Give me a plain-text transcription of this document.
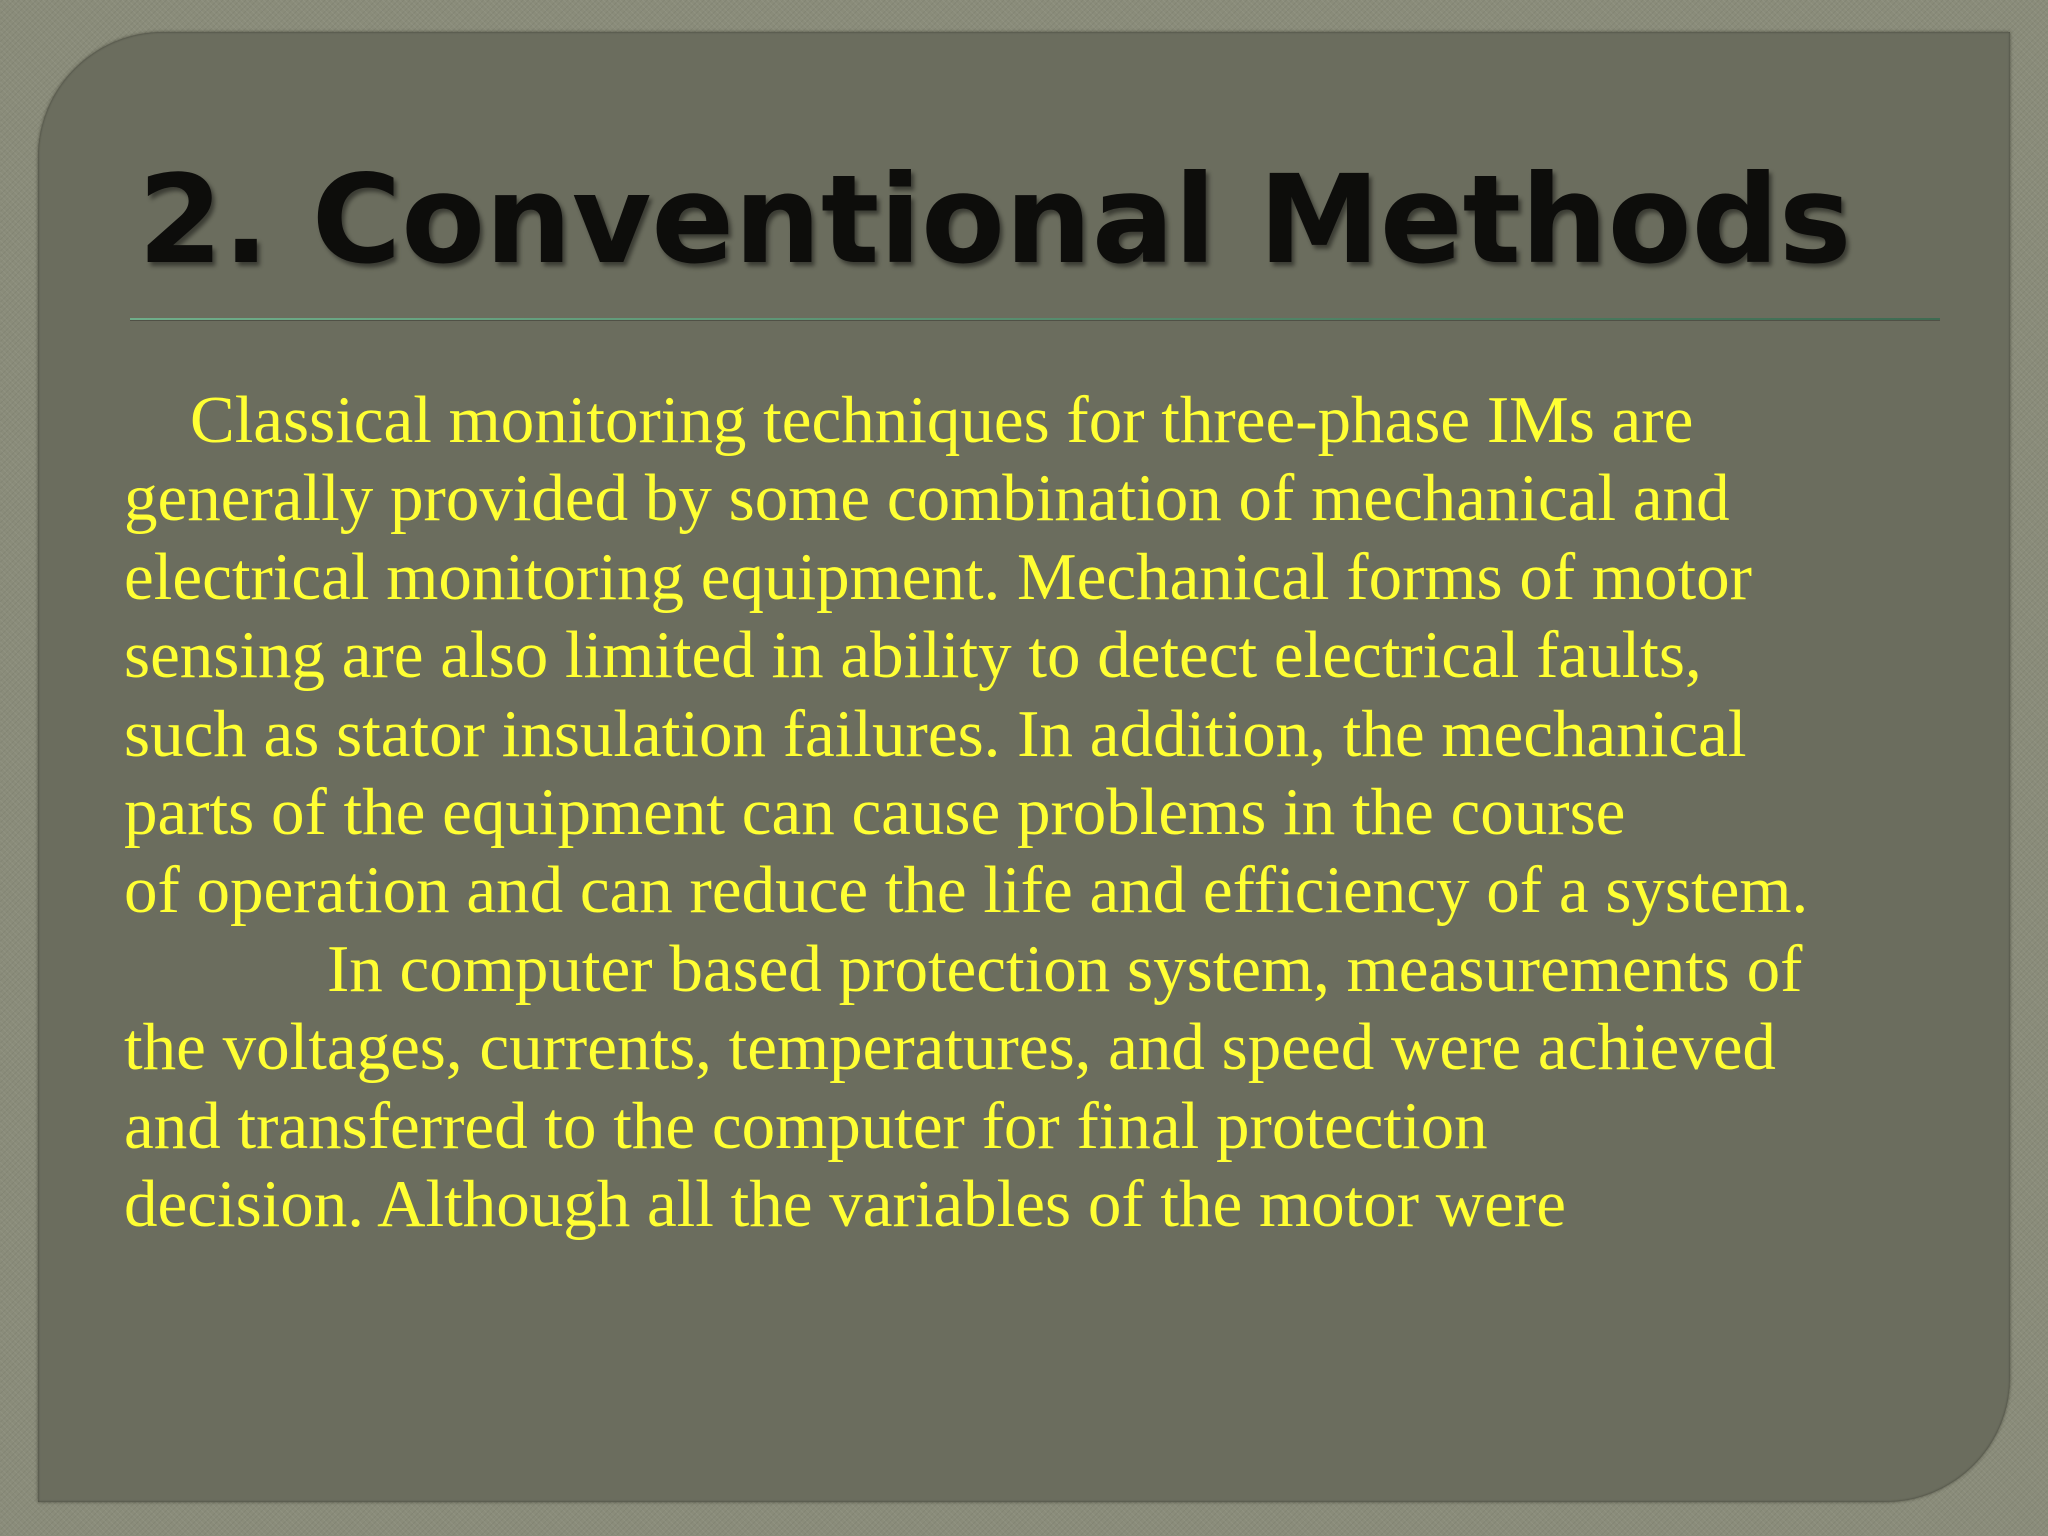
2. Conventional Methods
Classical monitoring techniques for three-phase IMs are
generally provided by some combination of mechanical and
electrical monitoring equipment. Mechanical forms of motor
sensing are also limited in ability to detect electrical faults,
such as stator insulation failures. In addition, the mechanical
parts of the equipment can cause problems in the course
of operation and can reduce the life and efficiency of a system.
In computer based protection system, measurements of
the voltages, currents, temperatures, and speed were achieved
and transferred to the computer for final protection
decision. Although all the variables of the motor were
